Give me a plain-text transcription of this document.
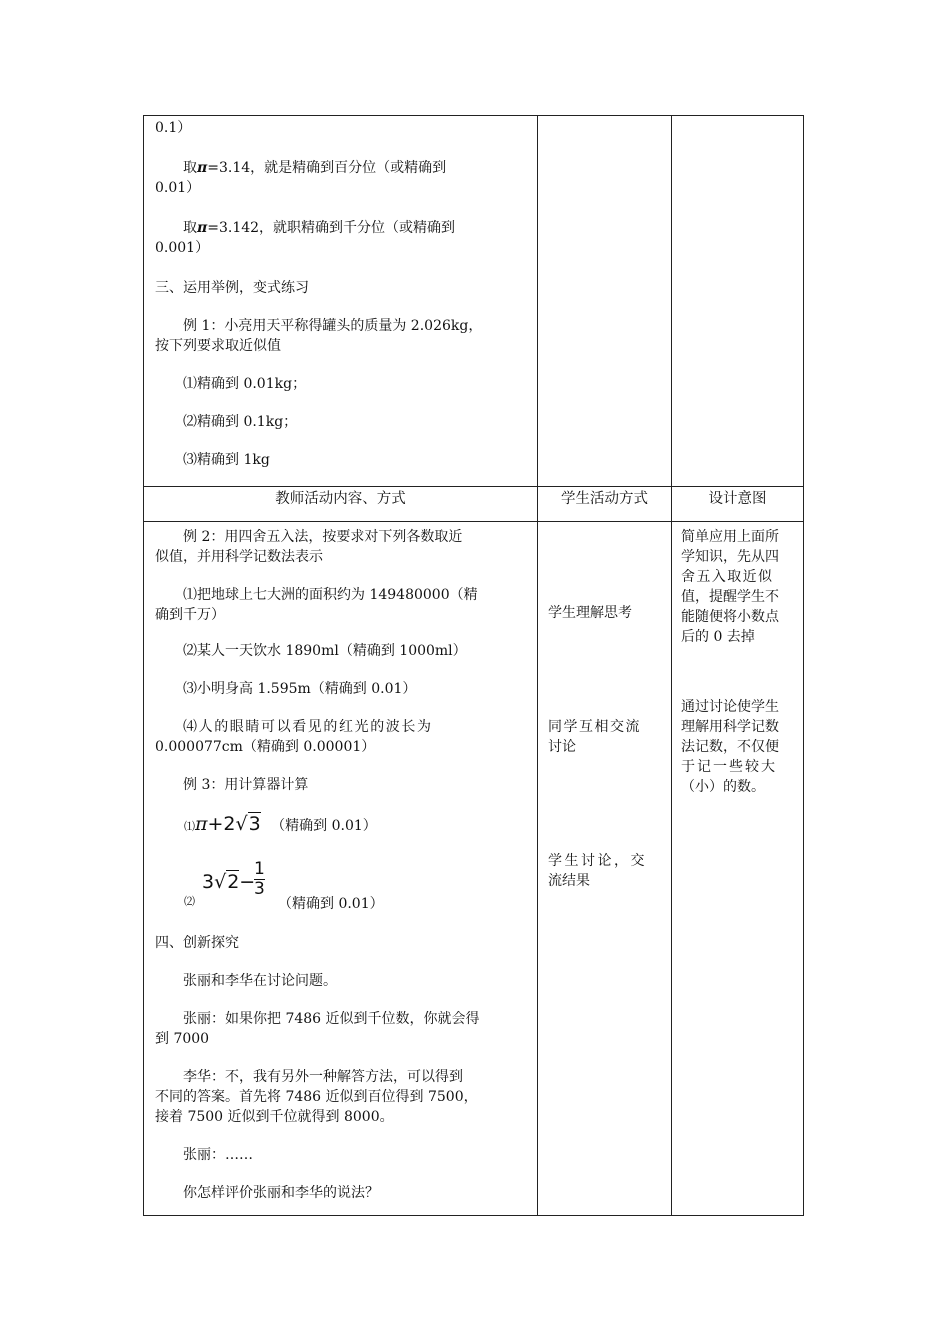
0.1）
取π=3.14，就是精确到百分位（或精确到
0.01）
取π=3.142，就职精确到千分位（或精确到
0.001）
三、运用举例，变式练习
例 1：小亮用天平称得罐头的质量为 2.026kg，
按下列要求取近似值
⑴精确到 0.01kg；
⑵精确到 0.1kg；
⑶精确到 1kg
教师活动内容、方式	学生活动方式	设计意图
例 2：用四舍五入法，按要求对下列各数取近
似值，并用科学记数法表示
⑴把地球上七大洲的面积约为 149480000（精
确到千万）
⑵某人一天饮水 1890ml（精确到 1000ml）
⑶小明身高 1.595m（精确到 0.01）
⑷人的眼睛可以看见的红光的波长为
0.000077cm（精确到 0.00001）
例 3：用计算器计算
⑴π+2√3 （精确到 0.01）
⑵
3√2−
$\frac{1}{3}$
（精确到 0.01）
四、创新探究
张丽和李华在讨论问题。
张丽：如果你把 7486 近似到千位数，你就会得
到 7000
李华：不，我有另外一种解答方法，可以得到
不同的答案。首先将 7486 近似到百位得到 7500，
接着 7500 近似到千位就得到 8000。
张丽：……
你怎样评价张丽和李华的说法？
学生理解思考
同学互相交流
讨论
学生讨论，交
流结果
简单应用上面所
学知识，先从四
舍五入取近似
值，提醒学生不
能随便将小数点
后的 0 去掉
通过讨论使学生
理解用科学记数
法记数，不仅便
于记一些较大
（小）的数。
